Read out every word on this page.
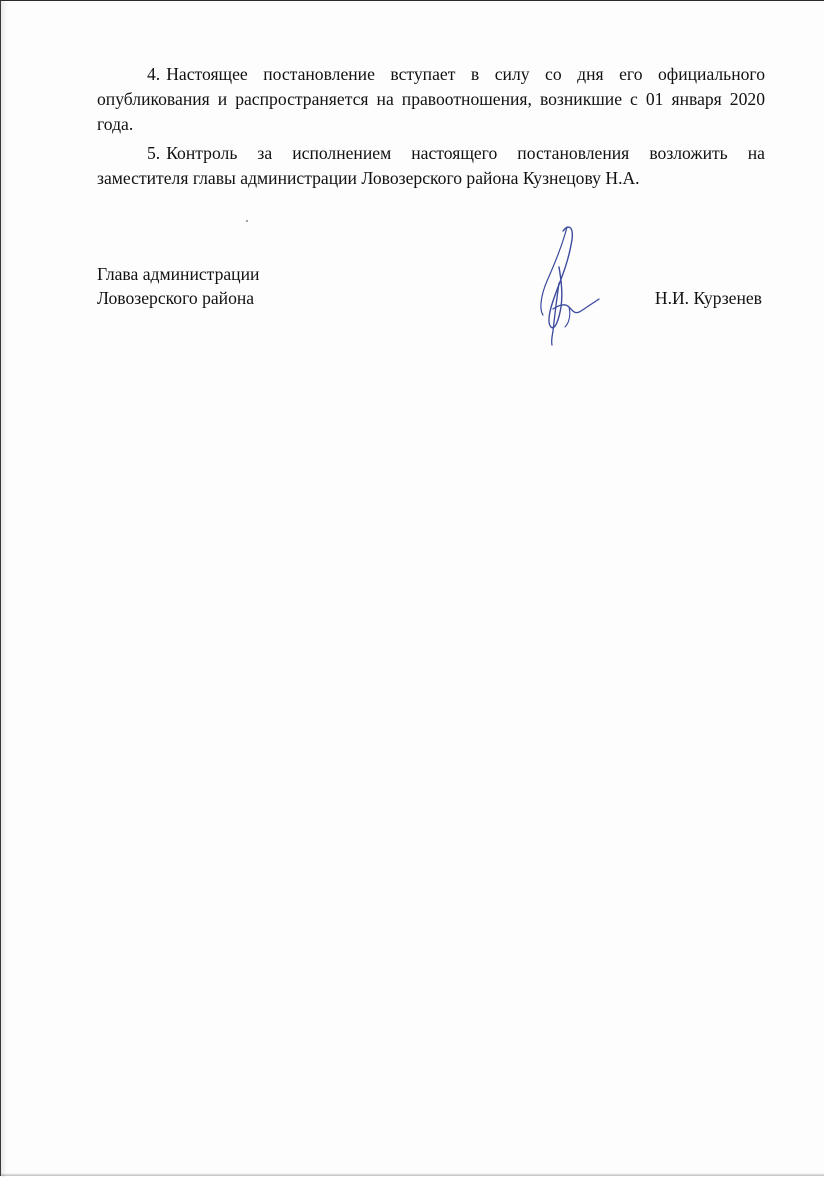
4. Настоящее постановление вступает в силу со дня его официального опубликования и распространяется на правоотношения, возникшие с 01 января 2020 года.

5. Контроль за исполнением настоящего постановления возложить на заместителя главы администрации Ловозерского района Кузнецову Н.А.

Глава администрации
Ловозерского района	Н.И. Курзенев
